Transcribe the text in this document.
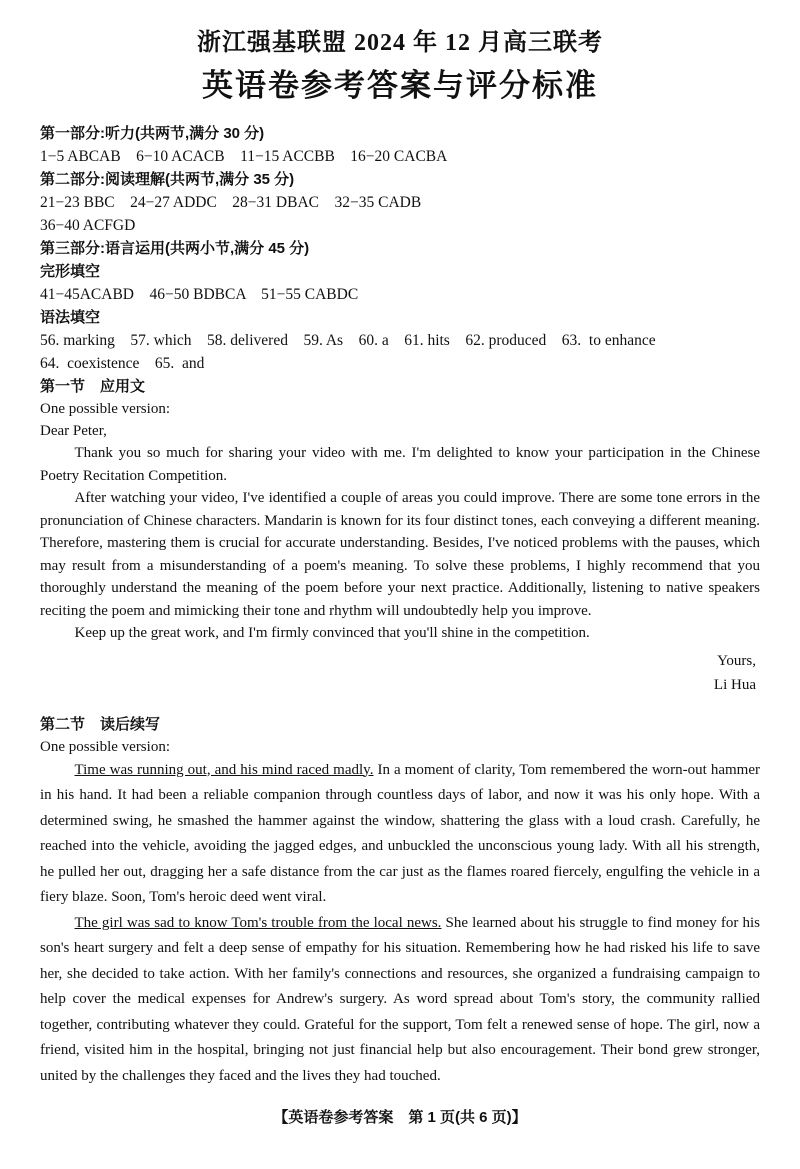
浙江强基联盟 2024 年 12 月高三联考
英语卷参考答案与评分标准

第一部分:听力(共两节,满分 30 分)

1−5 ABCAB    6−10 ACACB    11−15 ACCBB    16−20 CACBA

第二部分:阅读理解(共两节,满分 35 分)

21−23 BBC    24−27 ADDC    28−31 DBAC    32−35 CADB

36−40 ACFGD

第三部分:语言运用(共两小节,满分 45 分)

完形填空

41−45ACABD    46−50 BDBCA    51−55 CABDC

语法填空

56. marking    57. which    58. delivered    59. As    60. a    61. hits    62. produced    63.  to enhance

64.  coexistence    65.  and

第一节　应用文

One possible version:

Dear Peter,

Thank you so much for sharing your video with me. I'm delighted to know your participation in the Chinese Poetry Recitation Competition.

After watching your video, I've identified a couple of areas you could improve. There are some tone errors in the pronunciation of Chinese characters. Mandarin is known for its four distinct tones, each conveying a different meaning. Therefore, mastering them is crucial for accurate understanding. Besides, I've noticed problems with the pauses, which may result from a misunderstanding of a poem's meaning. To solve these problems, I highly recommend that you thoroughly understand the meaning of the poem before your next practice. Additionally, listening to native speakers reciting the poem and mimicking their tone and rhythm will undoubtedly help you improve.

Keep up the great work, and I'm firmly convinced that you'll shine in the competition.

Yours,
Li Hua

第二节　读后续写

One possible version:

Time was running out, and his mind raced madly. In a moment of clarity, Tom remembered the worn-out hammer in his hand. It had been a reliable companion through countless days of labor, and now it was his only hope. With a determined swing, he smashed the hammer against the window, shattering the glass with a loud crash. Carefully, he reached into the vehicle, avoiding the jagged edges, and unbuckled the unconscious young lady. With all his strength, he pulled her out, dragging her a safe distance from the car just as the flames roared fiercely, engulfing the vehicle in a fiery blaze. Soon, Tom's heroic deed went viral.

The girl was sad to know Tom's trouble from the local news. She learned about his struggle to find money for his son's heart surgery and felt a deep sense of empathy for his situation. Remembering how he had risked his life to save her, she decided to take action. With her family's connections and resources, she organized a fundraising campaign to help cover the medical expenses for Andrew's surgery. As word spread about Tom's story, the community rallied together, contributing whatever they could. Grateful for the support, Tom felt a renewed sense of hope. The girl, now a friend, visited him in the hospital, bringing not just financial help but also encouragement. Their bond grew stronger, united by the challenges they faced and the lives they had touched.

【英语卷参考答案　第 1 页(共 6 页)】
